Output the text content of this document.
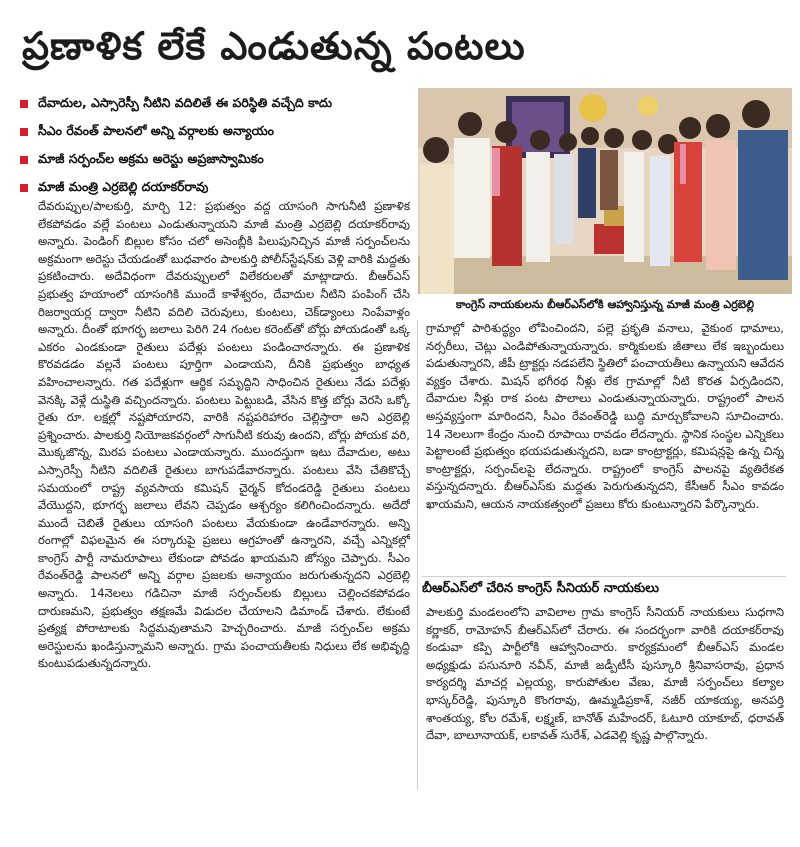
ప్రణాళిక లేకే ఎండుతున్న పంటలు
దేవాదుల, ఎస్సారెస్పీ నీటిని వదిలితే ఈ పరిస్థితి వచ్చేది కాదు
సీఎం రేవంత్ పాలనలో అన్ని వర్గాలకు అన్యాయం
మాజీ సర్పంచ్‌ల అక్రమ అరెస్టు అప్రజాస్వామికం
మాజీ మంత్రి ఎర్రబెల్లి దయాకర్‌రావు
కాంగ్రెస్ నాయకులను బీఆర్‌ఎస్‌లోకి ఆహ్వానిస్తున్న మాజీ మంత్రి ఎర్రబెల్లి

దేవరుప్పుల/పాలకుర్తి, మార్చి 12: ప్రభుత్వం వద్ద యాసంగి సాగునీటి ప్రణాళిక లేకపోవడం వల్లే పంటలు ఎండుతున్నాయని మాజీ మంత్రి ఎర్రబెల్లి దయాకర్‌రావు అన్నారు. పెండింగ్ బిల్లుల కోసం చలో అసెంబ్లీకి పిలుపునిచ్చిన మాజీ సర్పంచ్‌లను అక్రమంగా అరెస్టు చేయడంతో బుధవారం పాలకుర్తి పోలీస్‌స్టేషన్‌కు వెళ్లి వారికి మద్దతు ప్రకటించారు. అదేవిధంగా దేవరుప్పులలో విలేకరులతో మాట్లాడారు. బీఆర్‌ఎస్ ప్రభుత్వ హయాంలో యాసంగికి ముందే కాళేశ్వరం, దేవాదుల నీటిని పంపింగ్ చేసి రిజర్వాయర్ల ద్వారా నీటిని వదిలి చెరువులు, కుంటలు, చెక్‌డ్యాంలు నింపేవాళ్లం అన్నారు. దీంతో భూగర్భ జలాలు పెరిగి 24 గంటల కరెంట్‌తో బోర్లు పోయడంతో ఒక్క ఎకరం ఎండకుండా రైతులు పదేళ్లు పంటలు పండించారన్నారు. ఈ ప్రణాళిక కొరవడడం వల్లనే పంటలు పూర్తిగా ఎండాయని, దీనికి ప్రభుత్వం బాధ్యత వహించాలన్నారు. గత పదేళ్లుగా ఆర్థిక సమృద్ధిని సాధించిన రైతులు నేడు పదేళ్లు వెనక్కి వెళ్లే దుస్థితి వచ్చిందన్నారు. పంటలు పెట్టుబడి, వేసిన కొత్త బోర్లు వెరసి ఒక్కో రైతు రూ. లక్షల్లో నష్టపోయారని, వారికి నష్టపరిహారం చెల్లిస్తారా అని ఎర్రబెల్లి ప్రశ్నించారు. పాలకుర్తి నియోజకవర్గంలో సాగునీటి కరువు ఉందని, బోర్లు పోయక వరి, మొక్కజొన్న, మిరప పంటలు ఎండాయన్నారు. ముందస్తుగా ఇటు దేవాదుల, అటు ఎస్సారెస్పీ నీటిని వదిలితే రైతులు బాగుపడేవారన్నారు. పంటలు వేసి చేతికొచ్చే సమయంలో రాష్ట్ర వ్యవసాయ కమిషన్ చైర్మన్ కోదండరెడ్డి రైతులు పంటలు వేయొద్దని, భూగర్భ జలాలు లేవని చెప్పడం ఆశ్చర్యం కలిగించిందన్నారు. అదేదో ముందే చెబితే రైతులు యాసంగి పంటలు వేయకుండా ఉండేవారన్నారు. అన్ని రంగాల్లో విఫలమైన ఈ సర్కారుపై ప్రజలు ఆగ్రహంతో ఉన్నారని, వచ్చే ఎన్నికల్లో కాంగ్రెస్ పార్టీ నామరూపాలు లేకుండా పోవడం ఖాయమని జోస్యం చెప్పారు. సీఎం రేవంత్‌రెడ్డి పాలనలో అన్ని వర్గాల ప్రజలకు అన్యాయం జరుగుతున్నదని ఎర్రబెల్లి అన్నారు. 14నెలలు గడిచినా మాజీ సర్పంచ్‌లకు బిల్లులు చెల్లించకపోవడం దారుణమని, ప్రభుత్వం తక్షణమే విడుదల చేయాలని డిమాండ్ చేశారు. లేకుంటే ప్రత్యక్ష పోరాటాలకు సిద్ధమవుతామని హెచ్చరించారు. మాజీ సర్పంచ్‌ల అక్రమ అరెస్టులను ఖండిస్తున్నామని అన్నారు. గ్రామ పంచాయతీలకు నిధులు లేక అభివృద్ధి కుంటుపడుతున్నదన్నారు.

గ్రామాల్లో పారిశుద్ధ్యం లోపించిందని, పల్లె ప్రకృతి వనాలు, వైకుంఠ ధామాలు, నర్సరీలు, చెట్లు ఎండిపోతున్నాయన్నారు. కార్మికులకు జీతాలు లేక ఇబ్బందులు పడుతున్నారని, జీపీ ట్రాక్టర్లు నడపలేని స్థితిలో పంచాయతీలు ఉన్నాయని ఆవేదన వ్యక్తం చేశారు. మిషన్ భగీరథ నీళ్లు లేక గ్రామాల్లో నీటి కొరత ఏర్పడిందని, దేవాదుల నీళ్లు రాక పంట పొలాలు ఎండుతున్నాయన్నారు. రాష్ట్రంలో పాలన అస్తవ్యస్తంగా మారిందని, సీఎం రేవంత్‌రెడ్డి బుద్ధి మార్చుకోవాలని సూచించారు. 14 నెలలుగా కేంద్రం నుంచి రూపాయి రావడం లేదన్నారు. స్థానిక సంస్థల ఎన్నికలు పెట్టాలంటే ప్రభుత్వం భయపడుతున్నదని, బడా కాంట్రాక్టర్లు, కమిషన్లపై ఉన్న చిన్న కాంట్రాక్టర్లు, సర్పంచ్‌లపై లేదన్నారు. రాష్ట్రంలో కాంగ్రెస్ పాలనపై వ్యతిరేకత వస్తున్నదన్నారు. బీఆర్‌ఎస్‌కు మద్దతు పెరుగుతున్నదని, కేసీఆర్ సీఎం కావడం ఖాయమని, ఆయన నాయకత్వంలో ప్రజలు కోరు కుంటున్నారని పేర్కొన్నారు.

బీఆర్‌ఎస్‌లో చేరిన కాంగ్రెస్ సీనియర్ నాయకులు

పాలకుర్తి మండలంలోని వావిలాల గ్రామ కాంగ్రెస్ సీనియర్ నాయకులు సుధగాని కర్ణాకర్, రామోహన్ బీఆర్‌ఎస్‌లో చేరారు. ఈ సందర్భంగా వారికి దయాకర్‌రావు కండువా కప్పి పార్టీలోకి ఆహ్వానించారు. కార్యక్రమంలో బీఆర్‌ఎస్ మండల అధ్యక్షుడు పసునూరి నవీన్, మాజీ జడ్పీటీసీ పుస్కూరి శ్రీనివాసరావు, ప్రధాన కార్యదర్శి మాచర్ల ఎల్లయ్య, కారుపోతుల వేణు, మాజీ సర్పంచ్‌లు కల్యాల భాస్కర్‌రెడ్డి, పుస్కూరి కొంగరావు, ఊమ్మడిప్రకాశ్, నజీర్ యాకయ్య, అనపర్తి శాంతయ్య, కోల రమేశ్, లక్ష్మణ్, బానోత్ మహేందర్, ఓటూరి యాకూబ్, ధరావత్ దేవా, బాలూనాయక్, లకావత్ సురేశ్, ఎడవెల్లి కృష్ణ పాల్గొన్నారు.
